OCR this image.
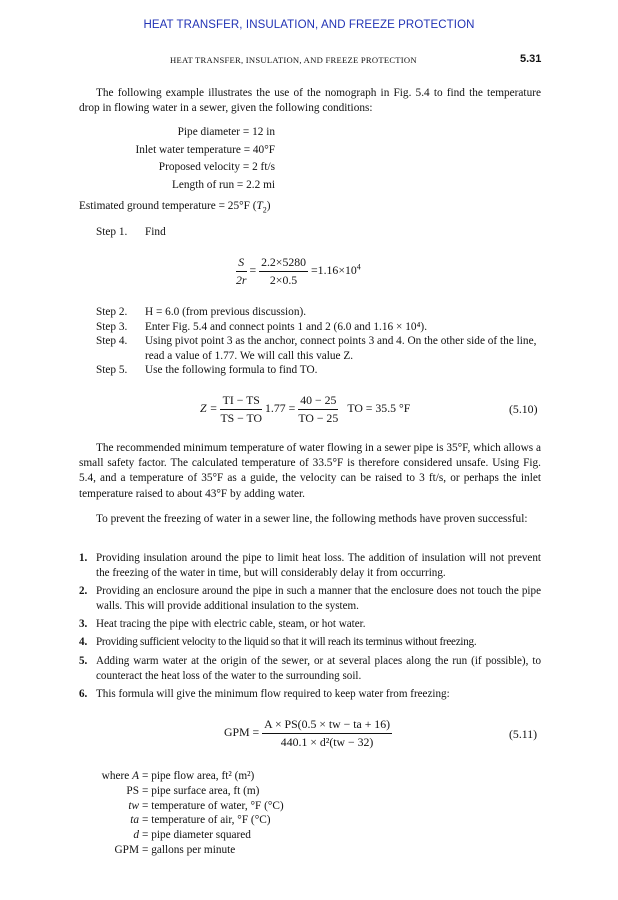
HEAT TRANSFER, INSULATION, AND FREEZE PROTECTION
HEAT TRANSFER, INSULATION, AND FREEZE PROTECTION	5.31
The following example illustrates the use of the nomograph in Fig. 5.4 to find the temperature drop in flowing water in a sewer, given the following conditions:
Pipe diameter = 12 in
Inlet water temperature = 40°F
Proposed velocity = 2 ft/s
Length of run = 2.2 mi
Estimated ground temperature = 25°F $(T_2)$
Step 1. Find
$\frac{S}{2r} = \frac{2.2\times 5280}{2\times 0.5} =1.16\times 10^4$
Step 2. H = 6.0 (from previous discussion).
Step 3. Enter Fig. 5.4 and connect points 1 and 2 (6.0 and 1.16 × 10⁴).
Step 4. Using pivot point 3 as the anchor, connect points 3 and 4. On the other side of the line, read a value of 1.77. We will call this value Z.
Step 5. Use the following formula to find TO.
$Z = \frac{TI - TS}{TS - TO} 1.77 = \frac{40 - 25}{TO - 25}$ TO = 35.5 °F	(5.10)
The recommended minimum temperature of water flowing in a sewer pipe is 35°F, which allows a small safety factor. The calculated temperature of 33.5°F is therefore considered unsafe. Using Fig. 5.4, and a temperature of 35°F as a guide, the velocity can be raised to 3 ft/s, or perhaps the inlet temperature raised to about 43°F by adding water.
To prevent the freezing of water in a sewer line, the following methods have proven successful:
1. Providing insulation around the pipe to limit heat loss. The addition of insulation will not prevent the freezing of the water in time, but will considerably delay it from occurring.
2. Providing an enclosure around the pipe in such a manner that the enclosure does not touch the pipe walls. This will provide additional insulation to the system.
3. Heat tracing the pipe with electric cable, steam, or hot water.
4. Providing sufficient velocity to the liquid so that it will reach its terminus without freezing.
5. Adding warm water at the origin of the sewer, or at several places along the run (if possible), to counteract the heat loss of the water to the surrounding soil.
6. This formula will give the minimum flow required to keep water from freezing:
GPM = $\frac{A \times PS(0.5 \times tw - ta + 16)}{\text{440.1 × d²(tw − 32)}}$	(5.11)
where A = pipe flow area, ft² (m²)
PS = pipe surface area, ft (m)
tw = temperature of water, °F (°C)
ta = temperature of air, °F (°C)
d = pipe diameter squared
GPM = gallons per minute
